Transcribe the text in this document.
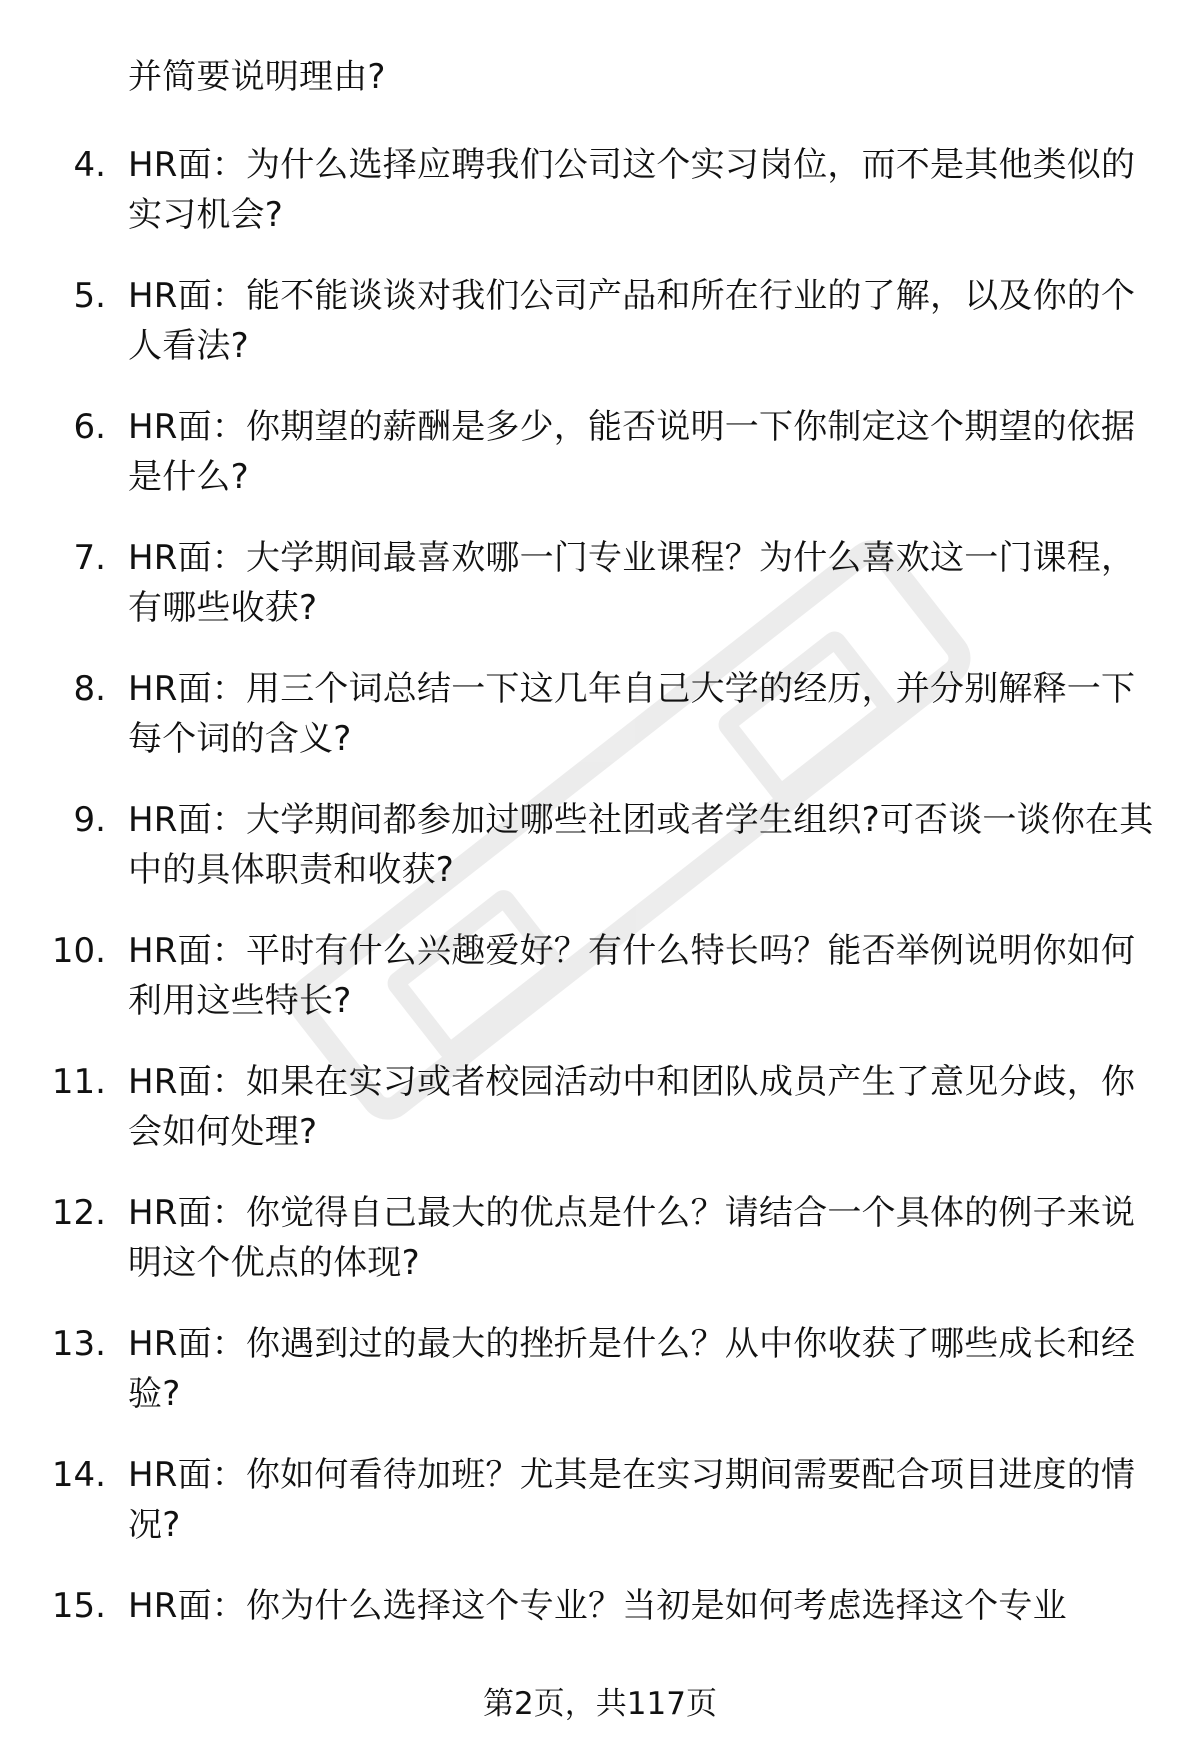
并简要说明理由?
4. HR面：为什么选择应聘我们公司这个实习岗位，而不是其他类似的实习机会?
5. HR面：能不能谈谈对我们公司产品和所在行业的了解，以及你的个人看法?
6. HR面：你期望的薪酬是多少，能否说明一下你制定这个期望的依据是什么?
7. HR面：大学期间最喜欢哪一门专业课程？为什么喜欢这一门课程，有哪些收获?
8. HR面：用三个词总结一下这几年自己大学的经历，并分别解释一下每个词的含义?
9. HR面：大学期间都参加过哪些社团或者学生组织?可否谈一谈你在其中的具体职责和收获?
10. HR面：平时有什么兴趣爱好？有什么特长吗？能否举例说明你如何利用这些特长?
11. HR面：如果在实习或者校园活动中和团队成员产生了意见分歧，你会如何处理?
12. HR面：你觉得自己最大的优点是什么？请结合一个具体的例子来说明这个优点的体现?
13. HR面：你遇到过的最大的挫折是什么？从中你收获了哪些成长和经验?
14. HR面：你如何看待加班？尤其是在实习期间需要配合项目进度的情况?
15. HR面：你为什么选择这个专业？当初是如何考虑选择这个专业
第2页，共117页
